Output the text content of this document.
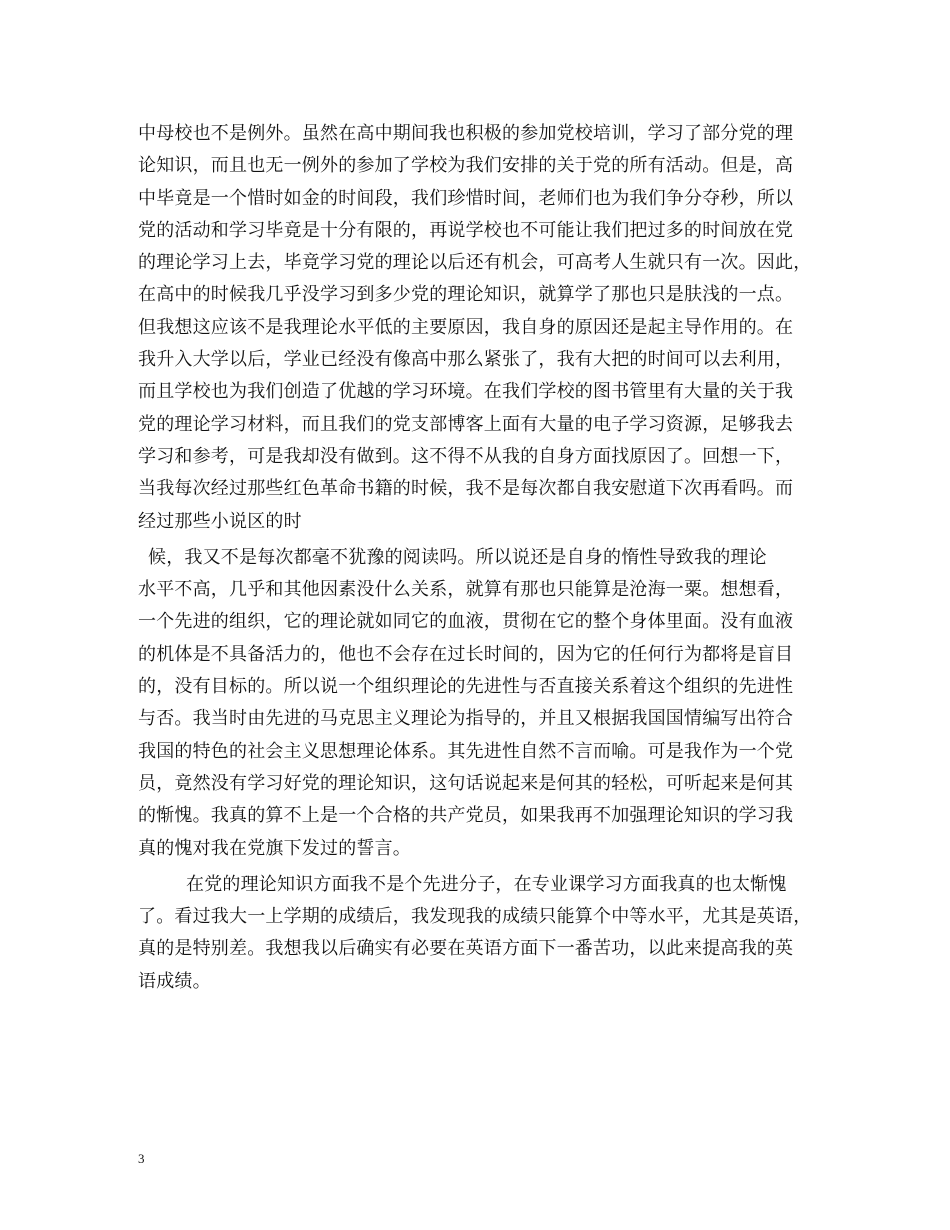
中母校也不是例外。虽然在高中期间我也积极的参加党校培训，学习了部分党的理
论知识，而且也无一例外的参加了学校为我们安排的关于党的所有活动。但是，高
中毕竟是一个惜时如金的时间段，我们珍惜时间，老师们也为我们争分夺秒，所以
党的活动和学习毕竟是十分有限的，再说学校也不可能让我们把过多的时间放在党
的理论学习上去，毕竟学习党的理论以后还有机会，可高考人生就只有一次。因此，
在高中的时候我几乎没学习到多少党的理论知识，就算学了那也只是肤浅的一点。
但我想这应该不是我理论水平低的主要原因，我自身的原因还是起主导作用的。在
我升入大学以后，学业已经没有像高中那么紧张了，我有大把的时间可以去利用，
而且学校也为我们创造了优越的学习环境。在我们学校的图书管里有大量的关于我
党的理论学习材料，而且我们的党支部博客上面有大量的电子学习资源，足够我去
学习和参考，可是我却没有做到。这不得不从我的自身方面找原因了。回想一下，
当我每次经过那些红色革命书籍的时候，我不是每次都自我安慰道下次再看吗。而
经过那些小说区的时
候，我又不是每次都毫不犹豫的阅读吗。所以说还是自身的惰性导致我的理论
水平不高，几乎和其他因素没什么关系，就算有那也只能算是沧海一粟。想想看，
一个先进的组织，它的理论就如同它的血液，贯彻在它的整个身体里面。没有血液
的机体是不具备活力的，他也不会存在过长时间的，因为它的任何行为都将是盲目
的，没有目标的。所以说一个组织理论的先进性与否直接关系着这个组织的先进性
与否。我当时由先进的马克思主义理论为指导的，并且又根据我国国情编写出符合
我国的特色的社会主义思想理论体系。其先进性自然不言而喻。可是我作为一个党
员，竟然没有学习好党的理论知识，这句话说起来是何其的轻松，可听起来是何其
的惭愧。我真的算不上是一个合格的共产党员，如果我再不加强理论知识的学习我
真的愧对我在党旗下发过的誓言。
在党的理论知识方面我不是个先进分子，在专业课学习方面我真的也太惭愧
了。看过我大一上学期的成绩后，我发现我的成绩只能算个中等水平，尤其是英语，
真的是特别差。我想我以后确实有必要在英语方面下一番苦功，以此来提高我的英
语成绩。
3
